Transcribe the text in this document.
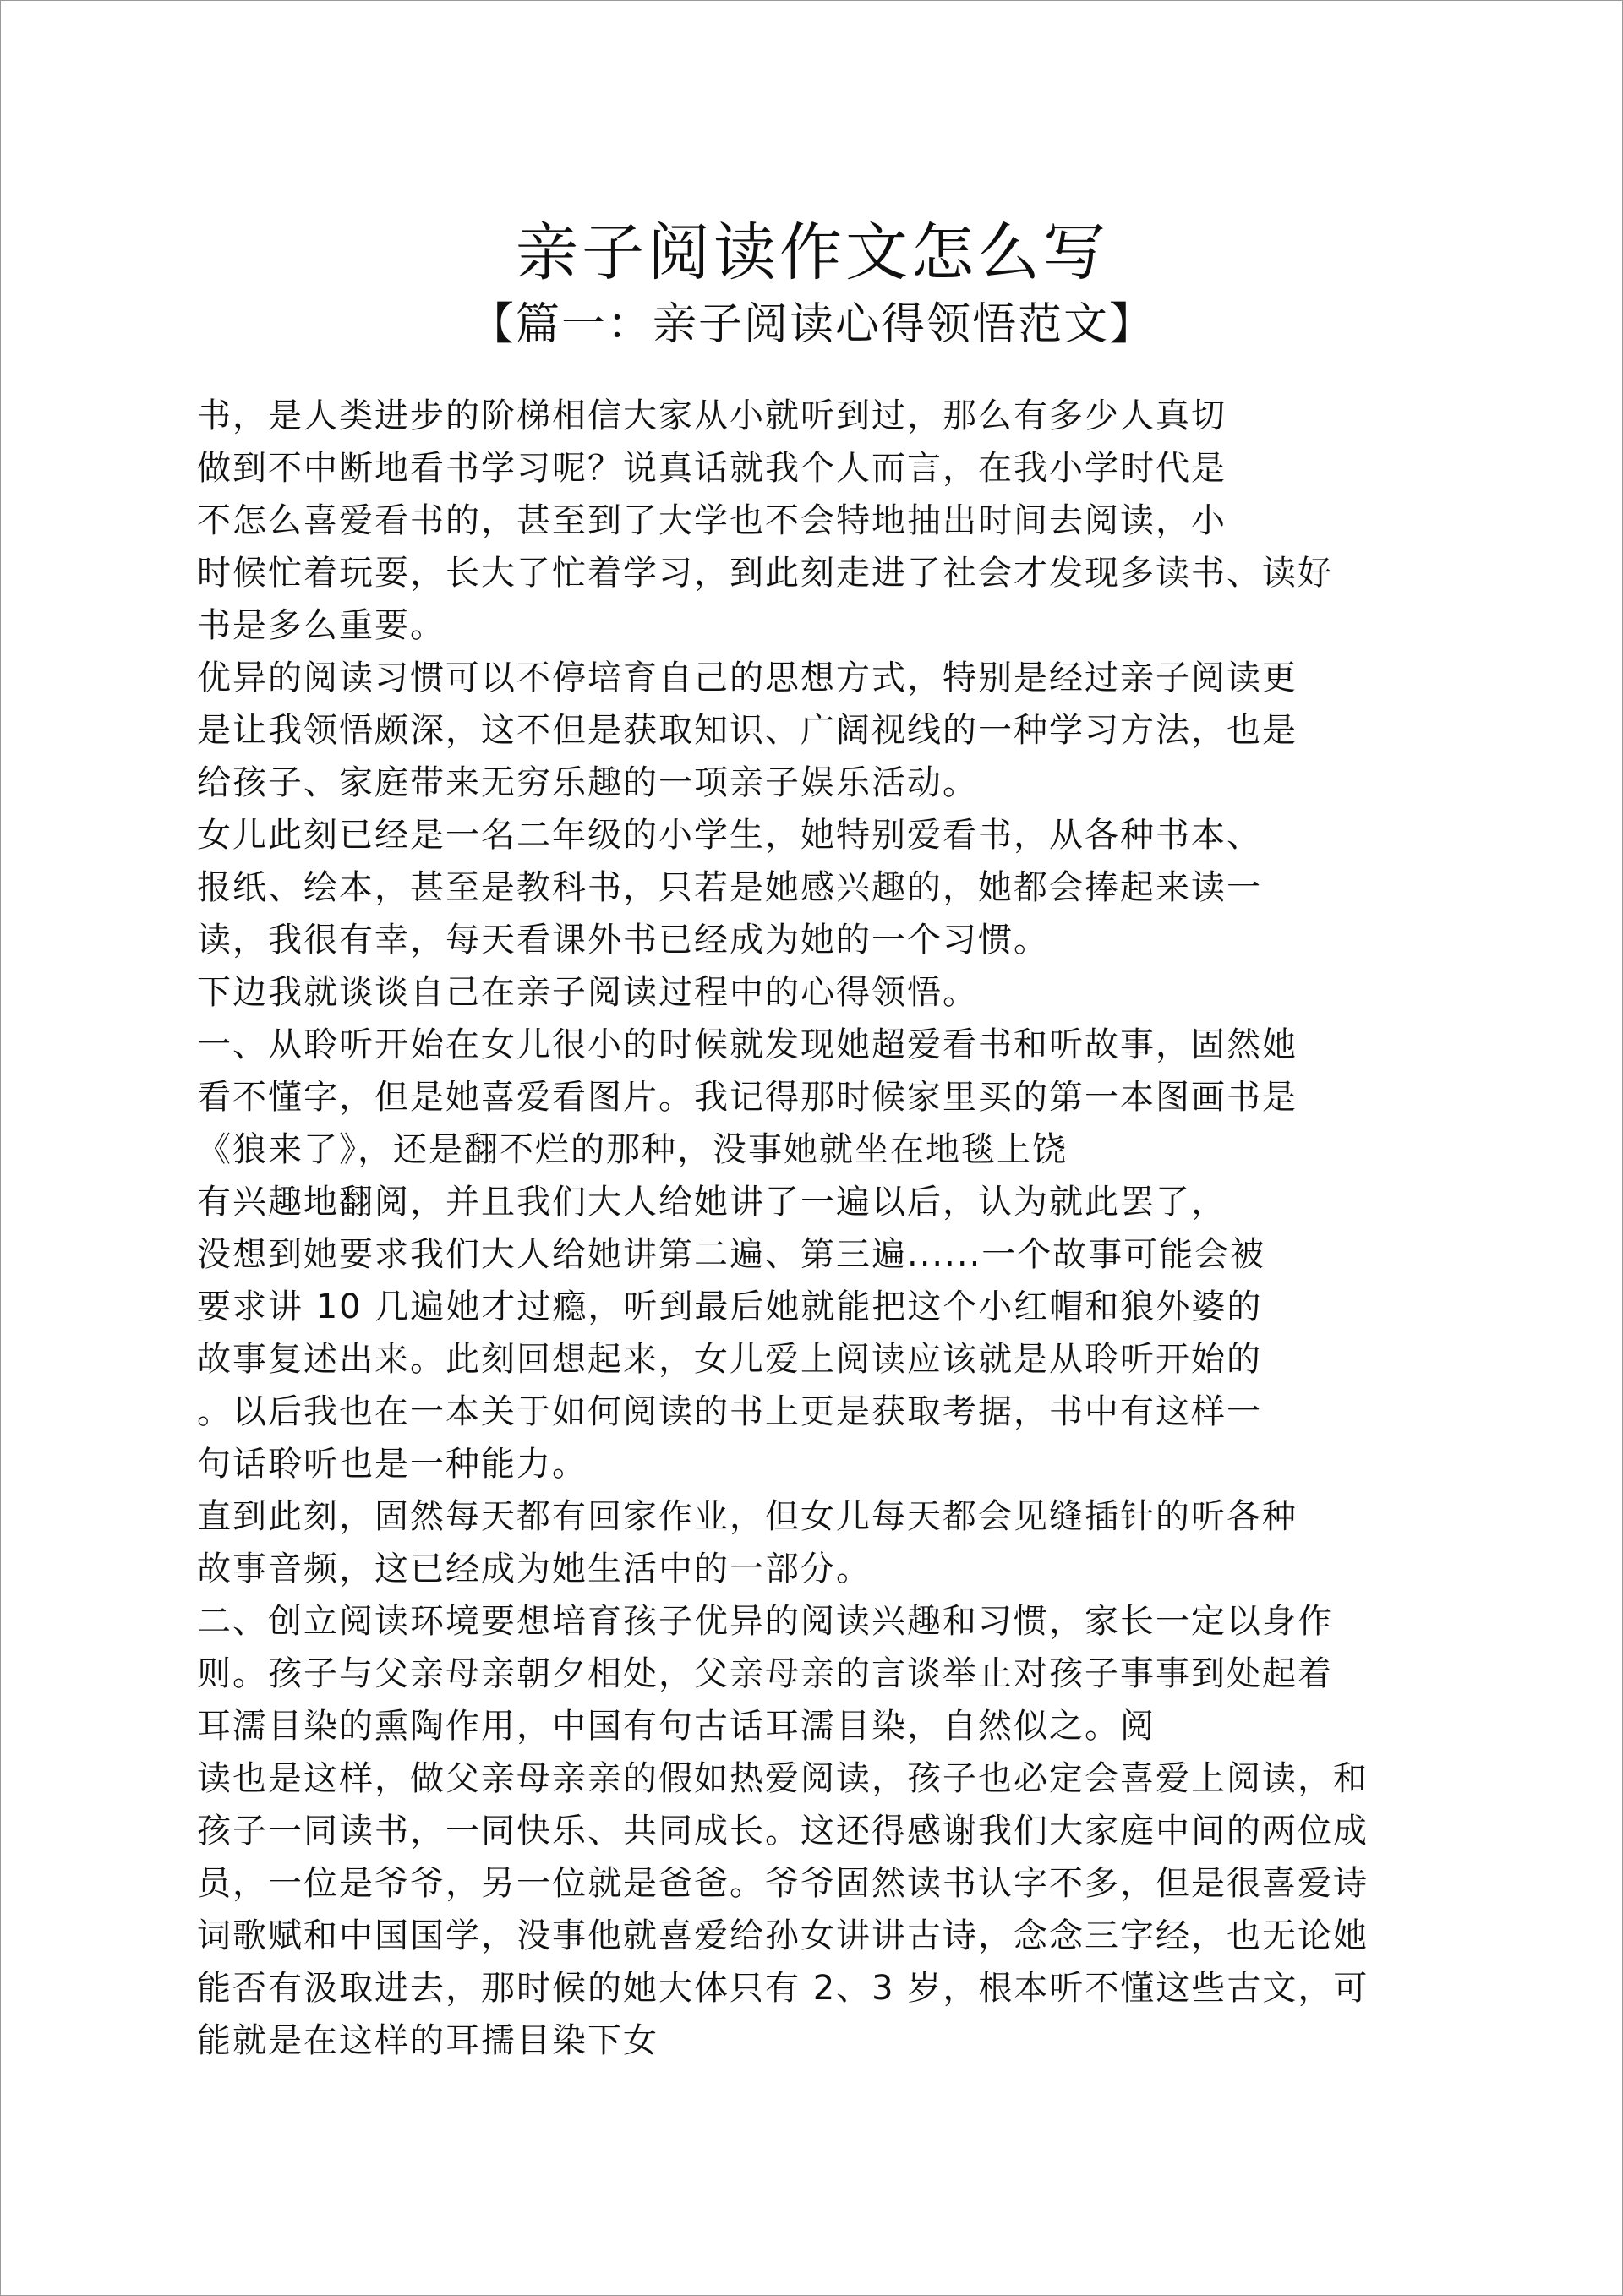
亲子阅读作文怎么写
【篇一：亲子阅读心得领悟范文】
书，是人类进步的阶梯相信大家从小就听到过，那么有多少人真切
做到不中断地看书学习呢？说真话就我个人而言，在我小学时代是
不怎么喜爱看书的，甚至到了大学也不会特地抽出时间去阅读，小
时候忙着玩耍，长大了忙着学习，到此刻走进了社会才发现多读书、读好
书是多么重要。
优异的阅读习惯可以不停培育自己的思想方式，特别是经过亲子阅读更
是让我领悟颇深，这不但是获取知识、广阔视线的一种学习方法，也是
给孩子、家庭带来无穷乐趣的一项亲子娱乐活动。
女儿此刻已经是一名二年级的小学生，她特别爱看书，从各种书本、
报纸、绘本，甚至是教科书，只若是她感兴趣的，她都会捧起来读一
读，我很有幸，每天看课外书已经成为她的一个习惯。
下边我就谈谈自己在亲子阅读过程中的心得领悟。
一、从聆听开始在女儿很小的时候就发现她超爱看书和听故事，固然她
看不懂字，但是她喜爱看图片。我记得那时候家里买的第一本图画书是
《狼来了》，还是翻不烂的那种，没事她就坐在地毯上饶
有兴趣地翻阅，并且我们大人给她讲了一遍以后，认为就此罢了，
没想到她要求我们大人给她讲第二遍、第三遍......一个故事可能会被
要求讲 10 几遍她才过瘾，听到最后她就能把这个小红帽和狼外婆的
故事复述出来。此刻回想起来，女儿爱上阅读应该就是从聆听开始的
。以后我也在一本关于如何阅读的书上更是获取考据，书中有这样一
句话聆听也是一种能力。
直到此刻，固然每天都有回家作业，但女儿每天都会见缝插针的听各种
故事音频，这已经成为她生活中的一部分。
二、创立阅读环境要想培育孩子优异的阅读兴趣和习惯，家长一定以身作
则。孩子与父亲母亲朝夕相处，父亲母亲的言谈举止对孩子事事到处起着
耳濡目染的熏陶作用，中国有句古话耳濡目染，自然似之。阅
读也是这样，做父亲母亲亲的假如热爱阅读，孩子也必定会喜爱上阅读，和
孩子一同读书，一同快乐、共同成长。这还得感谢我们大家庭中间的两位成
员，一位是爷爷，另一位就是爸爸。爷爷固然读书认字不多，但是很喜爱诗
词歌赋和中国国学，没事他就喜爱给孙女讲讲古诗，念念三字经，也无论她
能否有汲取进去，那时候的她大体只有 2、3 岁，根本听不懂这些古文，可
能就是在这样的耳擩目染下女
